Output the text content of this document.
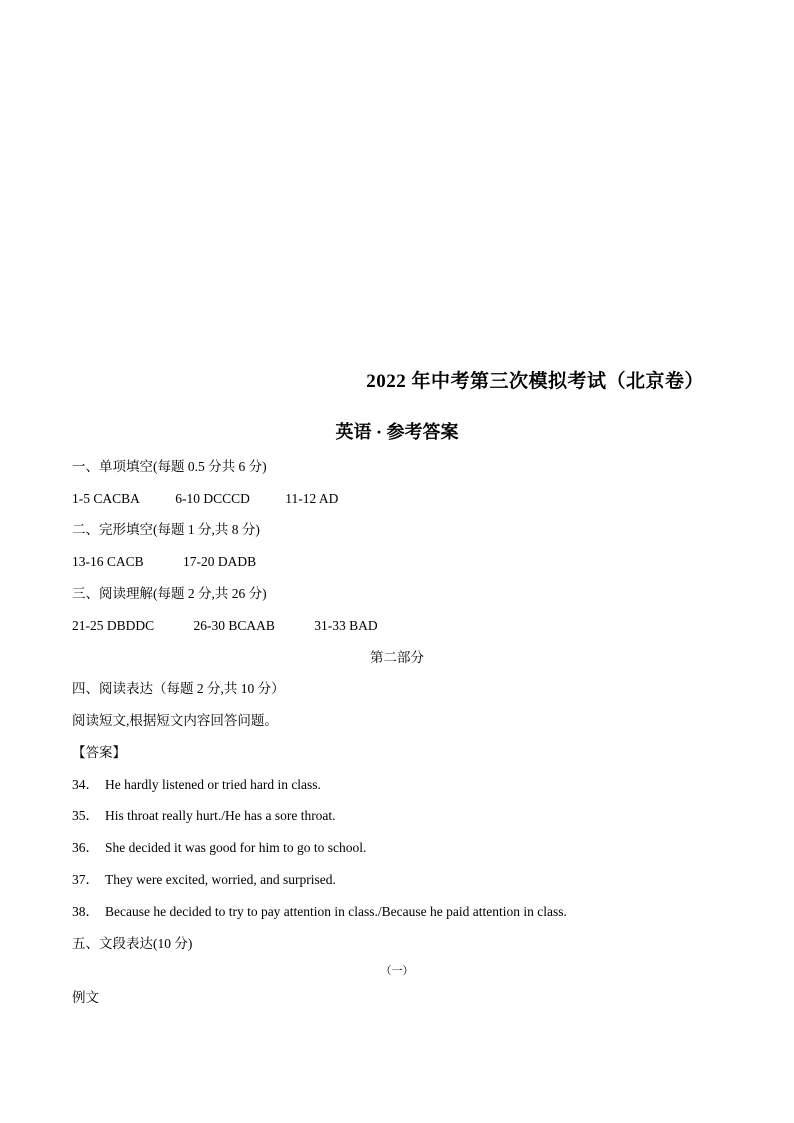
2022 年中考第三次模拟考试（北京卷）
英语 · 参考答案
一、单项填空(每题 0.5 分共 6 分)
1-5 CACBA	6-10 DCCCD	11-12 AD
二、完形填空(每题 1 分,共 8 分)
13-16 CACB	17-20 DADB
三、阅读理解(每题 2 分,共 26 分)
21-25 DBDDC	26-30 BCAAB	31-33 BAD
第二部分
四、阅读表达（每题 2 分,共 10 分）
阅读短文,根据短文内容回答问题。
【答案】
34． He hardly listened or tried hard in class.
35． His throat really hurt./He has a sore throat.
36． She decided it was good for him to go to school.
37． They were excited, worried, and surprised.
38． Because he decided to try to pay attention in class./Because he paid attention in class.
五、文段表达(10 分)
（一）
例文
